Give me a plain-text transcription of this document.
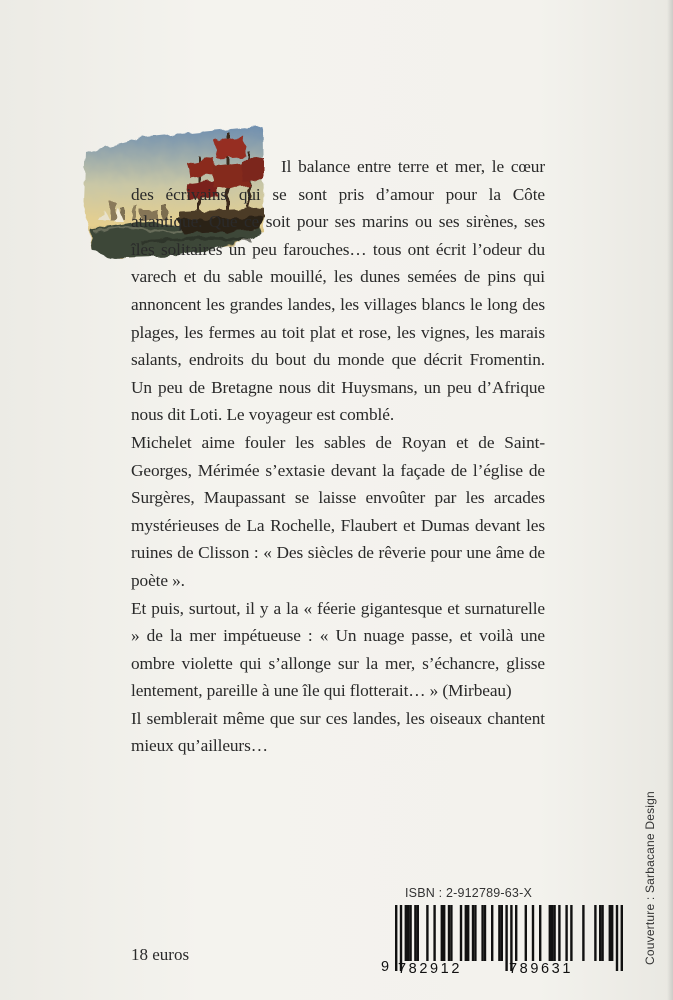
Il balance entre terre et mer, le cœur des écrivains qui se sont pris d’amour pour la Côte atlantique. Que ce soit pour ses marins ou ses sirènes, ses îles solitaires un peu farouches… tous ont écrit l’odeur du varech et du sable mouillé, les dunes semées de pins qui annoncent les grandes landes, les villages blancs le long des plages, les fermes au toit plat et rose, les vignes, les marais salants, endroits du bout du monde que décrit Fromentin. Un peu de Bretagne nous dit Huysmans, un peu d’Afrique nous dit Loti. Le voyageur est comblé.

Michelet aime fouler les sables de Royan et de Saint-Georges, Mérimée s’extasie devant la façade de l’église de Surgères, Maupassant se laisse envoûter par les arcades mystérieuses de La Rochelle, Flaubert et Dumas devant les ruines de Clisson : « Des siècles de rêverie pour une âme de poète ».

Et puis, surtout, il y a la « féerie gigantesque et surnaturelle » de la mer impétueuse : « Un nuage passe, et voilà une ombre violette qui s’allonge sur la mer, s’échancre, glisse lentement, pareille à une île qui flotterait… » (Mirbeau)

Il semblerait même que sur ces landes, les oiseaux chantent mieux qu’ailleurs…

Couverture : Sarbacane Design
18 euros
ISBN : 2-912789-63-X
9 782912	789631
